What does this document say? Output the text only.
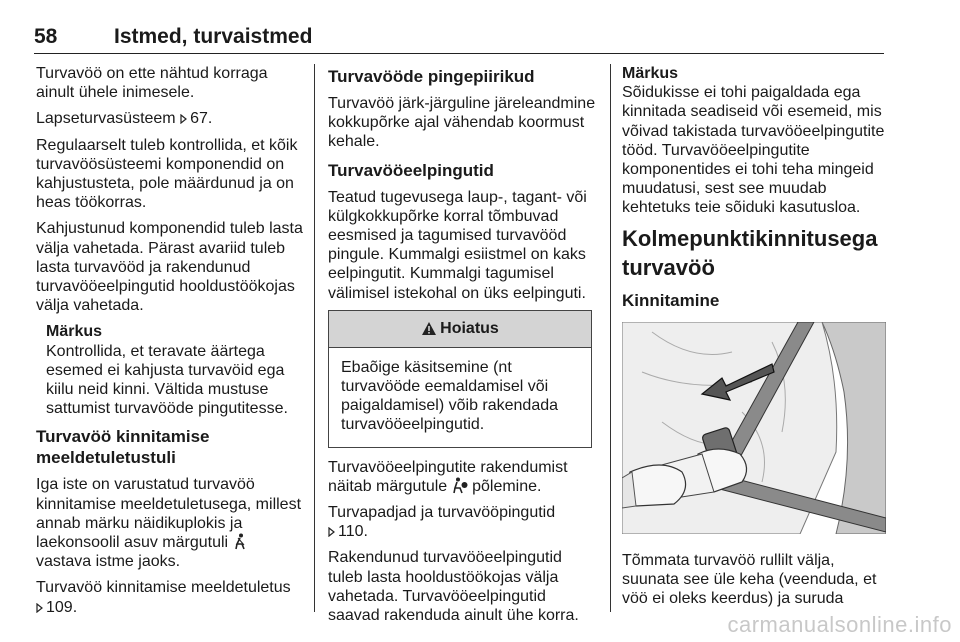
58	Istmed, turvaistmed

Turvavöö on ette nähtud korraga ainult ühele inimesele.

Lapseturvasüsteem 67.

Regulaarselt tuleb kontrollida, et kõik turvavöösüsteemi komponendid on kahjustusteta, pole määrdunud ja on heas töökorras.

Kahjustunud komponendid tuleb lasta välja vahetada. Pärast avariid tuleb lasta turvavööd ja rakendunud turvavööeelpingutid hooldustöökojas välja vahetada.

Märkus
Kontrollida, et teravate äärtega esemed ei kahjusta turvavöid ega kiilu neid kinni. Vältida mustuse sattumist turvavööde pingutitesse.
Turvavöö kinnitamise meeldetuletustuli

Iga iste on varustatud turvavöö kinnitamise meeldetuletusega, millest annab märku näidikuplokis ja laekonsoolil asuv märgutuli  vastava istme jaoks.

Turvavöö kinnitamise meeldetuletus
109.

Turvavööde pingepiirikud

Turvavöö järk-järguline järeleandmine kokkupõrke ajal vähendab koormust kehale.

Turvavööeelpingutid

Teatud tugevusega laup-, tagant- või külgkokkupõrke korral tõmbuvad eesmised ja tagumised turvavööd pingule. Kummalgi esiistmel on kaks eelpingutit. Kummalgi tagumisel välimisel istekohal on üks eelpinguti.

Hoiatus
Ebaõige käsitsemine (nt turvavööde eemaldamisel või paigaldamisel) võib rakendada turvavööeelpingutid.

Turvavööeelpingutite rakendumist näitab märgutule põlemine.

Turvapadjad ja turvavööpingutid
110.

Rakendunud turvavööeelpingutid tuleb lasta hooldustöökojas välja vahetada. Turvavööeelpingutid saavad rakenduda ainult ühe korra.

Märkus
Sõidukisse ei tohi paigaldada ega kinnitada seadiseid või esemeid, mis võivad takistada turvavööeelpingutite tööd. Turvavööeelpingutite komponentides ei tohi teha mingeid muudatusi, sest see muudab kehtetuks teie sõiduki kasutusloa.
Kolmepunktikinnitusega turvavöö
Kinnitamine

Tõmmata turvavöö rullilt välja, suunata see üle keha (veenduda, et vöö ei oleks keerdus) ja suruda

carmanualsonline.info
